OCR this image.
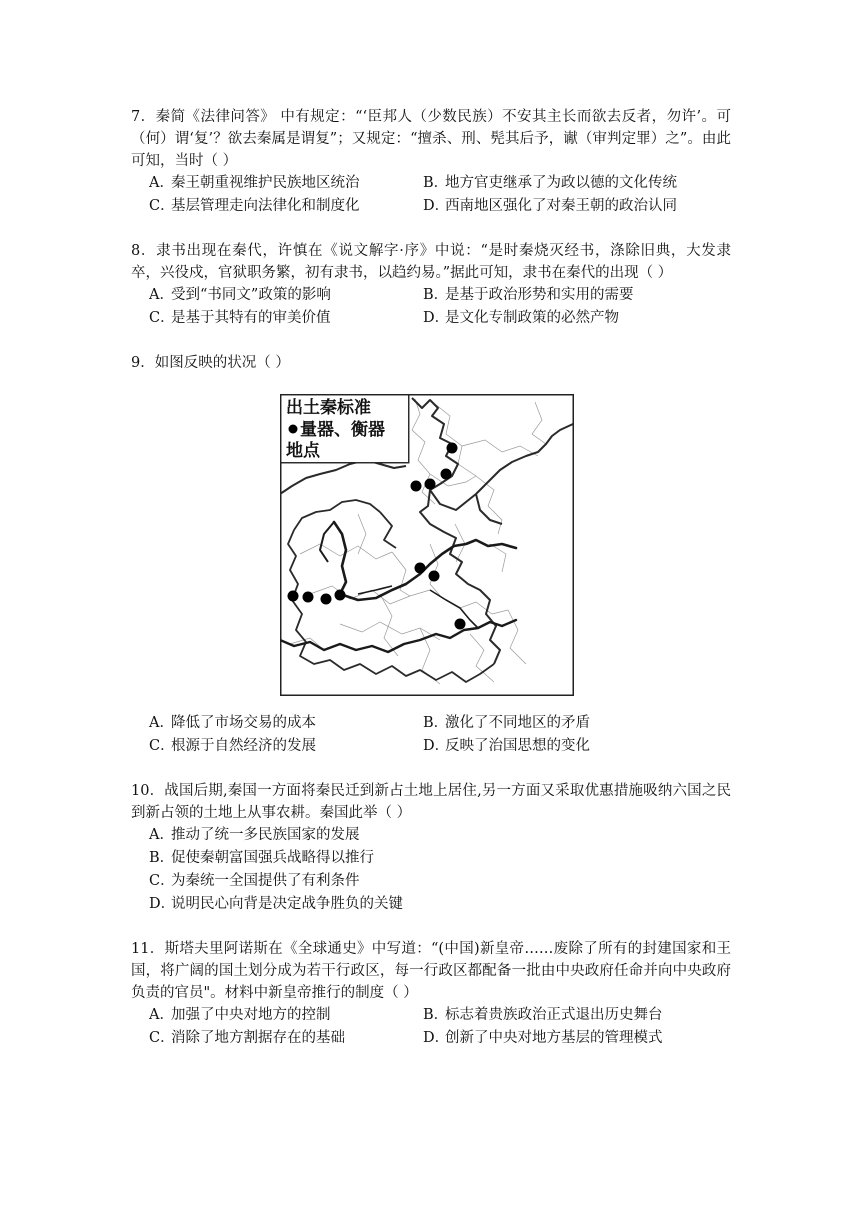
7．秦简《法律问答》 中有规定：“‘臣邦人（少数民族）不安其主长而欲去反者，勿许’。可（何）谓‘复’？欲去秦属是谓复”；又规定：“擅杀、刑、髡其后予，谳（审判定罪）之”。由此可知，当时（ ）

A．秦王朝重视维护民族地区统治	B．地方官吏继承了为政以德的文化传统
C．基层管理走向法律化和制度化	D．西南地区强化了对秦王朝的政治认同

8．隶书出现在秦代，许慎在《说文解字·序》中说：“是时秦烧灭经书，涤除旧典，大发隶卒，兴役戍，官狱职务繁，初有隶书，以趋约易。”据此可知，隶书在秦代的出现（ ）

A．受到“书同文”政策的影响	B．是基于政治形势和实用的需要
C．是基于其特有的审美价值	D．是文化专制政策的必然产物

9．如图反映的状况（ ）

出土秦标准
量器、衡器
地点
A．降低了市场交易的成本	B．激化了不同地区的矛盾
C．根源于自然经济的发展	D．反映了治国思想的变化

10．战国后期,秦国一方面将秦民迁到新占土地上居住,另一方面又采取优惠措施吸纳六国之民到新占领的土地上从事农耕。秦国此举（ ）

A．推动了统一多民族国家的发展
B．促使秦朝富国强兵战略得以推行
C．为秦统一全国提供了有利条件
D．说明民心向背是决定战争胜负的关键

11．斯塔夫里阿诺斯在《全球通史》中写道：“(中国)新皇帝……废除了所有的封建国家和王国，将广阔的国土划分成为若干行政区，每一行政区都配备一批由中央政府任命并向中央政府负责的官员"。材料中新皇帝推行的制度（ ）

A．加强了中央对地方的控制	B．标志着贵族政治正式退出历史舞台
C．消除了地方割据存在的基础	D．创新了中央对地方基层的管理模式
